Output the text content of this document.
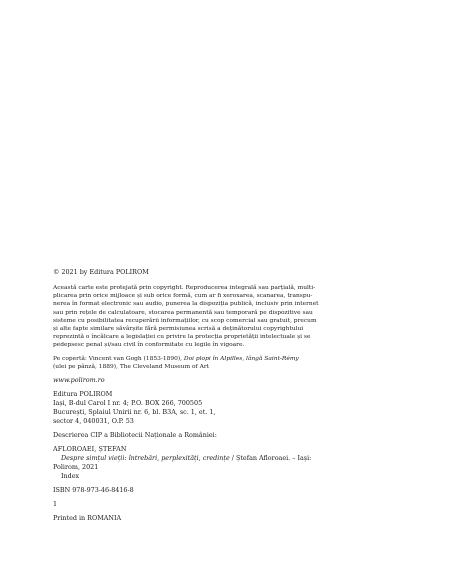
© 2021 by Editura POLIROM
Această carte este protejată prin copyright. Reproducerea integrală sau parțială, multi-
plicarea prin orice mijloace și sub orice formă, cum ar fi xeroxarea, scanarea, transpu-
nerea în format electronic sau audio, punerea la dispoziția publică, inclusiv prin internet
sau prin rețele de calculatoare, stocarea permanentă sau temporară pe dispozitive sau
sisteme cu posibilitatea recuperării informațiilor, cu scop comercial sau gratuit, precum
și alte fapte similare săvârșite fără permisiunea scrisă a deținătorului copyrightului
reprezintă o încălcare a legislației cu privire la protecția proprietății intelectuale și se
pedepsesc penal și/sau civil în conformitate cu legile în vigoare.
Pe copertă: Vincent van Gogh (1853-1890), Doi plopi în Alpilles, lângă Saint-Rémy
(ulei pe pânză, 1889), The Cleveland Museum of Art
www.polirom.ro
Editura POLIROM
Iași, B-dul Carol I nr. 4; P.O. BOX 266, 700505
București, Splaiul Unirii nr. 6, bl. B3A, sc. 1, et. 1,
sector 4, 040031, O.P. 53
Descrierea CIP a Bibliotecii Naționale a României:
AFLOROAEI, ȘTEFAN
Despre simțul vieții: întrebări, perplexități, credințe / Ștefan Afloroaei. – Iași:
Polirom, 2021
Index
ISBN 978-973-46-8416-8
1
Printed in ROMANIA
